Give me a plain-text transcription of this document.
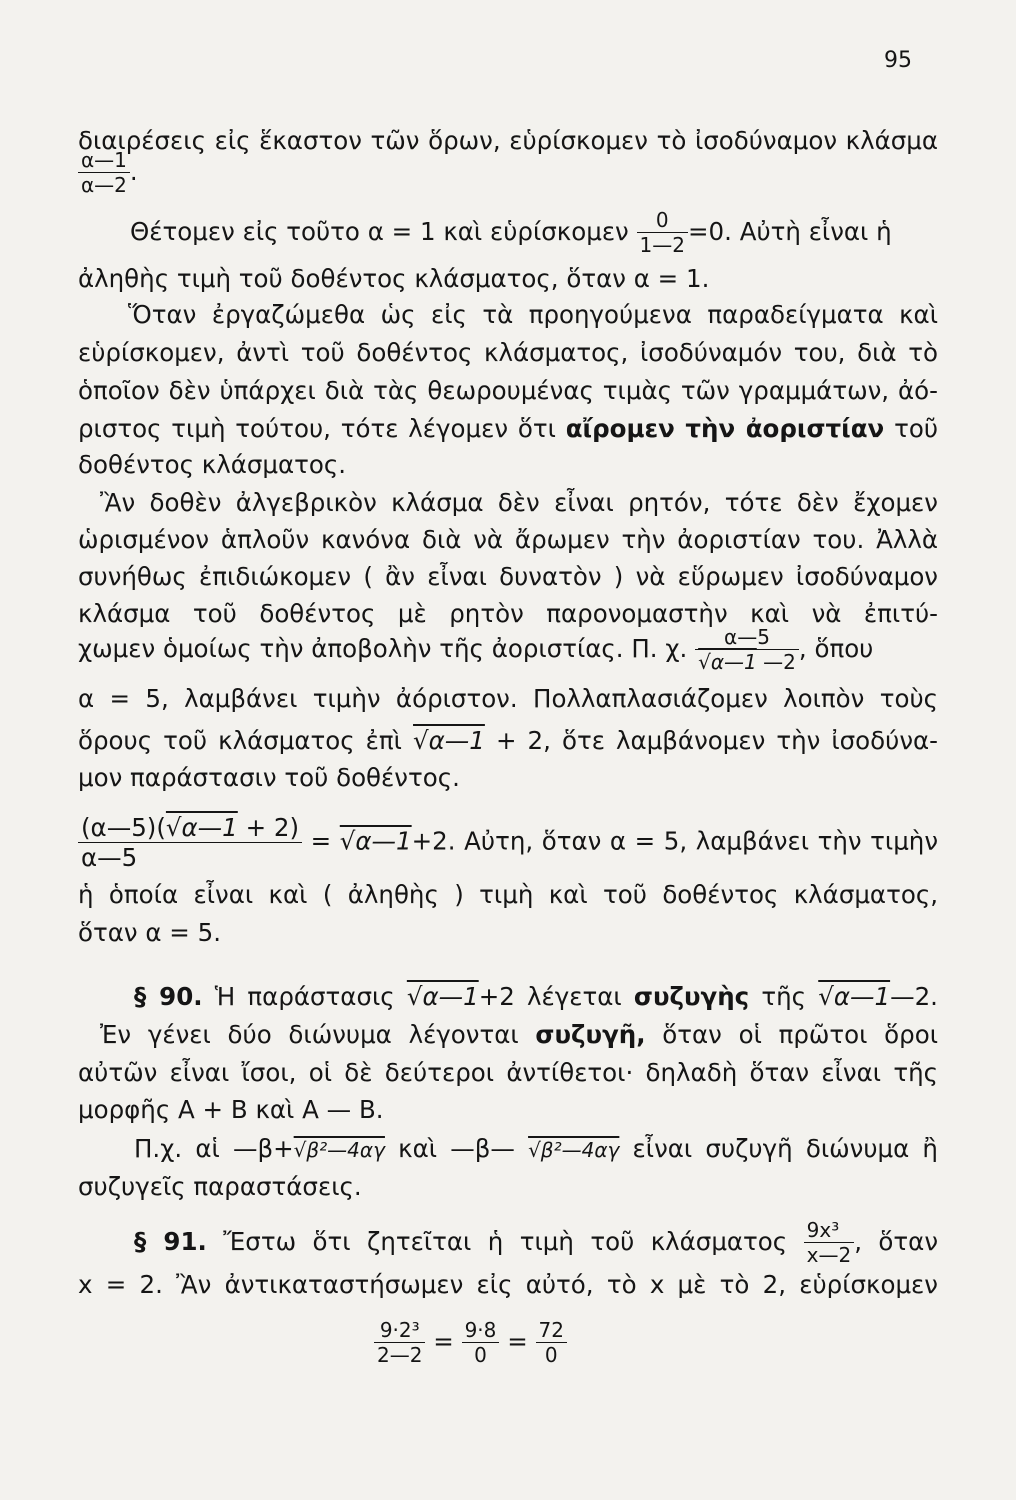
95
διαιρέσεις εἰς ἕκαστον τῶν ὅρων, εὑρίσκομεν τὸ ἰσοδύναμον κλάσμα
$\frac{\alpha—1}{\alpha—2}$ .
Θέτομεν εἰς τοῦτο α = 1 καὶ εὑρίσκομεν $\frac{0}{1—2} =0$. Αὐτὴ εἶναι ἡ
ἀληθὴς τιμὴ τοῦ δοθέντος κλάσματος, ὅταν α = 1.
Ὅταν ἐργαζώμεθα ὡς εἰς τὰ προηγούμενα παραδείγματα καὶ
εὑρίσκομεν, ἀντὶ τοῦ δοθέντος κλάσματος, ἰσοδύναμόν του, διὰ τὸ
ὁποῖον δὲν ὑπάρχει διὰ τὰς θεωρουμένας τιμὰς τῶν γραμμάτων, ἀό-
ριστος τιμὴ τούτου, τότε λέγομεν ὅτι αἴρομεν τὴν ἀοριστίαν τοῦ
δοθέντος κλάσματος.
Ἂν δοθὲν ἀλγεβρικὸν κλάσμα δὲν εἶναι ρητόν, τότε δὲν ἔχομεν
ὡρισμένον ἁπλοῦν κανόνα διὰ νὰ ἄρωμεν τὴν ἀοριστίαν του. Ἀλλὰ
συνήθως ἐπιδιώκομεν ( ἂν εἶναι δυνατὸν ) νὰ εὕρωμεν ἰσοδύναμον
κλάσμα τοῦ δοθέντος μὲ ρητὸν παρονομαστὴν καὶ νὰ ἐπιτύ-
χωμεν ὁμοίως τὴν ἀποβολὴν τῆς ἀοριστίας. Π. χ. $\frac{\alpha—5}{√\alpha—1 —2}$ , ὅπου
α = 5, λαμβάνει τιμὴν ἀόριστον. Πολλαπλασιάζομεν λοιπὸν τοὺς
ὅρους τοῦ κλάσματος ἐπὶ √α—1 + 2, ὅτε λαμβάνομεν τὴν ἰσοδύνα-
μον παράστασιν τοῦ δοθέντος.
$\frac{(\alpha—5)(√\alpha—1 + 2)}{\alpha—5}$ = √α—1+2. Αὐτη, ὅταν α = 5, λαμβάνει τὴν τιμὴν
ἡ ὁποία εἶναι καὶ ( ἀληθὴς ) τιμὴ καὶ τοῦ δοθέντος κλάσματος,
ὅταν α = 5.
§ 90. Ἡ παράστασις √α—1+2 λέγεται συζυγὴς τῆς √α—1—2.
Ἐν γένει δύο διώνυμα λέγονται συζυγῆ, ὅταν οἱ πρῶτοι ὅροι
αὐτῶν εἶναι ἴσοι, οἱ δὲ δεύτεροι ἀντίθετοι· δηλαδὴ ὅταν εἶναι τῆς
μορφῆς Α + Β καὶ Α — Β.
Π.χ. αἱ —β+√β²—4αγ καὶ —β— √β²—4αγ εἶναι συζυγῆ διώνυμα ἢ
συζυγεῖς παραστάσεις.
§ 91. Ἔστω ὅτι ζητεῖται ἡ τιμὴ τοῦ κλάσματος $\frac{\text{9x³}}{x—2}$ , ὅταν
x = 2. Ἂν ἀντικαταστήσωμεν εἰς αὐτό, τὸ x μὲ τὸ 2, εὑρίσκομεν
$\frac{\text{9·2³}}{2—2} = \frac{9\cdot 8}{0} = \frac{72}{0}$
